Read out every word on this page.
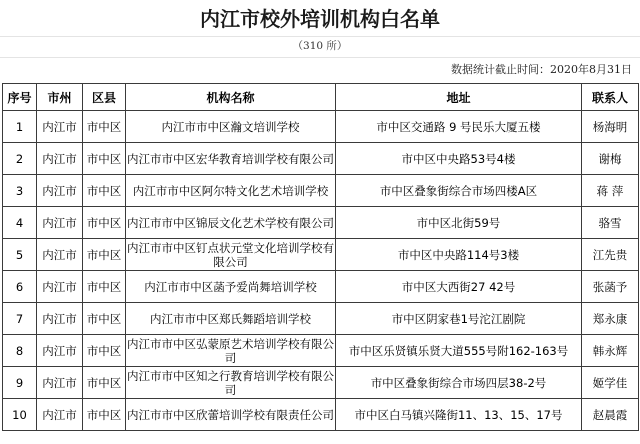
内江市校外培训机构白名单
（310 所）
数据统计截止时间：2020年8月31日
序号	市州	区县	机构名称	地址	联系人
1	内江市	市中区	内江市市中区瀚文培训学校	市中区交通路 9 号民乐大厦五楼	杨海明
2	内江市	市中区	内江市市中区宏华教育培训学校有限公司	市中区中央路53号4楼	谢梅
3	内江市	市中区	内江市市中区阿尔特文化艺术培训学校	市中区叠象街综合市场四楼A区	蒋 萍
4	内江市	市中区	内江市市中区锦辰文化艺术学校有限公司	市中区北街59号	骆雪
5	内江市	市中区	内江市市中区钉点状元堂文化培训学校有限公司	市中区中央路114号3楼	江先贵
6	内江市	市中区	内江市市中区菡予爱尚舞培训学校	市中区大西街27 42号	张菡予
7	内江市	市中区	内江市市中区郑氏舞蹈培训学校	市中区阴家巷1号沱江剧院	郑永康
8	内江市	市中区	内江市市中区弘蒙原艺术培训学校有限公司	市中区乐贤镇乐贤大道555号附162-163号	韩永辉
9	内江市	市中区	内江市市中区知之行教育培训学校有限公司	市中区叠象街综合市场四层38-2号	姬学佳
10	内江市	市中区	内江市市中区欣蕾培训学校有限责任公司	市中区白马镇兴隆街11、13、15、17号	赵晨霞
